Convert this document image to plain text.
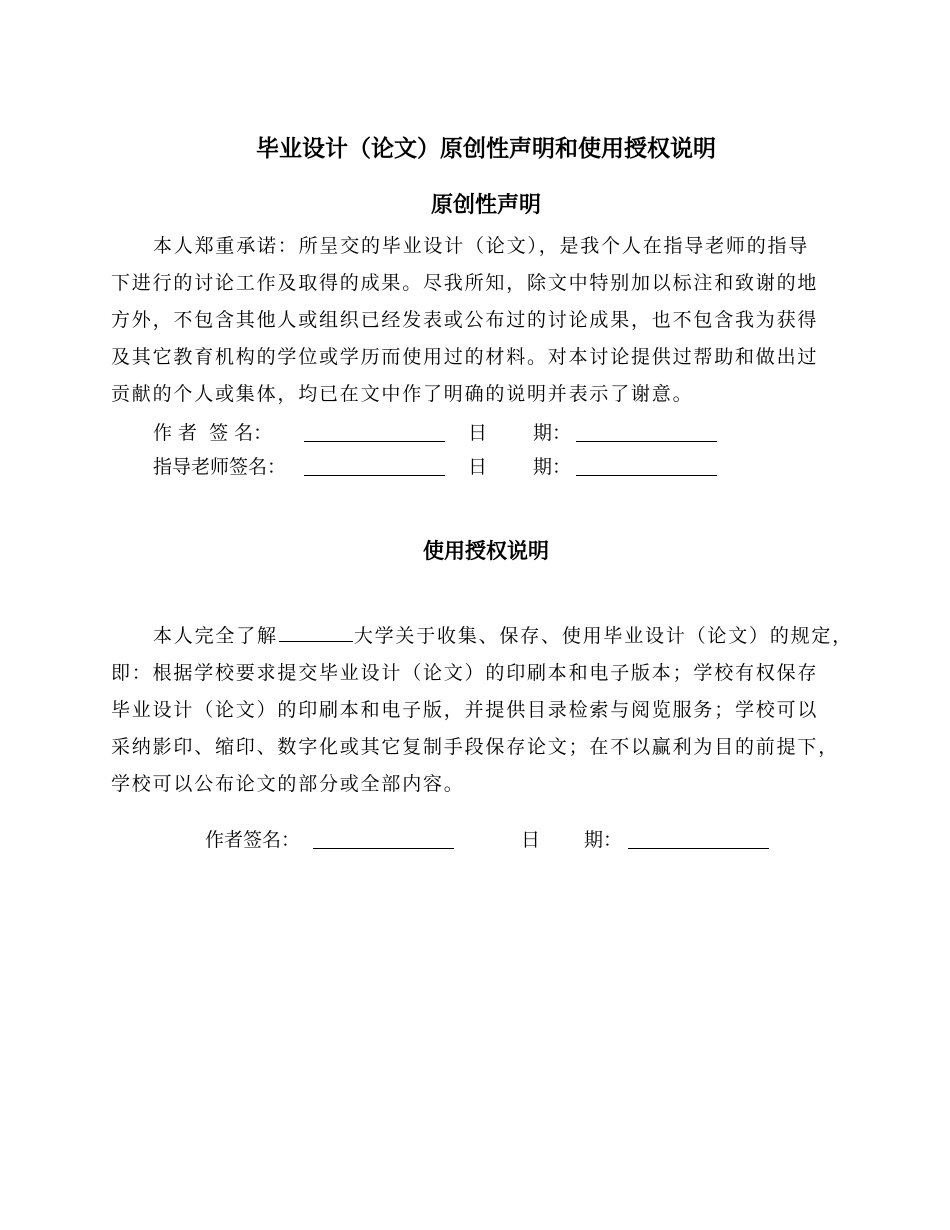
毕业设计（论文）原创性声明和使用授权说明
原创性声明
本人郑重承诺：所呈交的毕业设计（论文），是我个人在指导老师的指导
下进行的讨论工作及取得的成果。尽我所知，除文中特别加以标注和致谢的地
方外，不包含其他人或组织已经发表或公布过的讨论成果，也不包含我为获得
及其它教育机构的学位或学历而使用过的材料。对本讨论提供过帮助和做出过
贡献的个人或集体，均已在文中作了明确的说明并表示了谢意。
作 者  签 名：	日 期：
指导老师签名：	日 期：
使用授权说明
本人完全了解	大学关于收集、保存、使用毕业设计（论文）的规定，
即：根据学校要求提交毕业设计（论文）的印刷本和电子版本；学校有权保存
毕业设计（论文）的印刷本和电子版，并提供目录检索与阅览服务；学校可以
采纳影印、缩印、数字化或其它复制手段保存论文；在不以赢利为目的前提下，
学校可以公布论文的部分或全部内容。
作者签名：	日 期：
